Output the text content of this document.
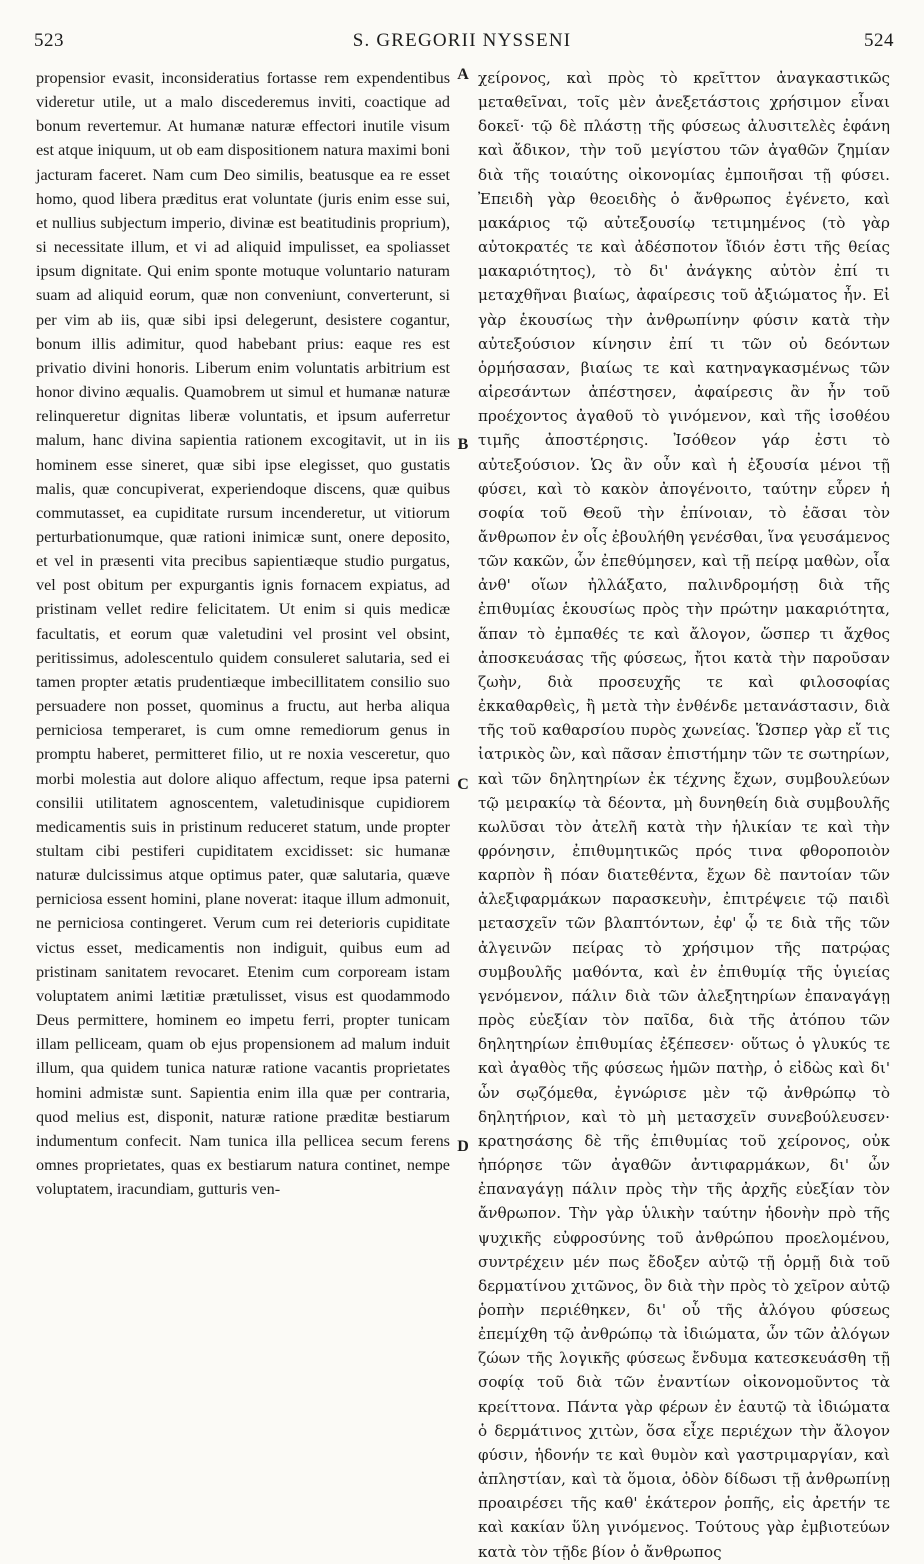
523	S. GREGORII NYSSENI	524

propensior evasit, inconsideratius fortasse rem expendentibus videretur utile, ut a malo discederemus inviti, coactique ad bonum revertemur. At humanæ naturæ effectori inutile visum est atque iniquum, ut ob eam dispositionem natura maximi boni jacturam faceret. Nam cum Deo similis, beatusque ea re esset homo, quod libera præditus erat voluntate (juris enim esse sui, et nullius subjectum imperio, divinæ est beatitudinis proprium), si necessitate illum, et vi ad aliquid impulisset, ea spoliasset ipsum dignitate. Qui enim sponte motuque voluntario naturam suam ad aliquid eorum, quæ non conveniunt, converterunt, si per vim ab iis, quæ sibi ipsi delegerunt, desistere cogantur, bonum illis adimitur, quod habebant prius: eaque res est privatio divini honoris. Liberum enim voluntatis arbitrium est honor divino æqualis. Quamobrem ut simul et humanæ naturæ relinqueretur dignitas liberæ voluntatis, et ipsum auferretur malum, hanc divina sapientia rationem excogitavit, ut in iis hominem esse sineret, quæ sibi ipse elegisset, quo gustatis malis, quæ concupiverat, experiendoque discens, quæ quibus commutasset, ea cupiditate rursum incenderetur, ut vitiorum perturbationumque, quæ rationi inimicæ sunt, onere deposito, et vel in præsenti vita precibus sapientiæque studio purgatus, vel post obitum per expurgantis ignis fornacem expiatus, ad pristinam vellet redire felicitatem. Ut enim si quis medicæ facultatis, et eorum quæ valetudini vel prosint vel obsint, peritissimus, adolescentulo quidem consuleret salutaria, sed ei tamen propter ætatis prudentiæque imbecillitatem consilio suo persuadere non posset, quominus a fructu, aut herba aliqua perniciosa temperaret, is cum omne remediorum genus in promptu haberet, permitteret filio, ut re noxia vesceretur, quo morbi molestia aut dolore aliquo affectum, reque ipsa paterni consilii utilitatem agnoscentem, valetudinisque cupidiorem medicamentis suis in pristinum reduceret statum, unde propter stultam cibi pestiferi cupiditatem excidisset: sic humanæ naturæ dulcissimus atque optimus pater, quæ salutaria, quæve perniciosa essent homini, plane noverat: itaque illum admonuit, ne perniciosa contingeret. Verum cum rei deterioris cupiditate victus esset, medicamentis non indiguit, quibus eum ad pristinam sanitatem revocaret. Etenim cum corpoream istam voluptatem animi lætitiæ prætulisset, visus est quodammodo Deus permittere, hominem eo impetu ferri, propter tunicam illam pelliceam, quam ob ejus propensionem ad malum induit illum, qua quidem tunica naturæ ratione vacantis proprietates homini admistæ sunt. Sapientia enim illa quæ per contraria, quod melius est, disponit, naturæ ratione præditæ bestiarum indumentum confecit. Nam tunica illa pellicea secum ferens omnes proprietates, quas ex bestiarum natura continet, nempe voluptatem, iracundiam, gutturis ven-

A
B
C
D

χείρονος, καὶ πρὸς τὸ κρεῖττον ἀναγκαστικῶς μεταθεῖναι, τοῖς μὲν ἀνεξετάστοις χρήσιμον εἶναι δοκεῖ· τῷ δὲ πλάστῃ τῆς φύσεως ἀλυσιτελὲς ἐφάνη καὶ ἄδικον, τὴν τοῦ μεγίστου τῶν ἀγαθῶν ζημίαν διὰ τῆς τοιαύτης οἰκονομίας ἐμποιῆσαι τῇ φύσει. Ἐπειδὴ γὰρ θεοειδὴς ὁ ἄνθρωπος ἐγένετο, καὶ μακάριος τῷ αὐτεξουσίῳ τετιμημένος (τὸ γὰρ αὐτοκρατές τε καὶ ἀδέσποτον ἴδιόν ἐστι τῆς θείας μακαριότητος), τὸ δι' ἀνάγκης αὐτὸν ἐπί τι μεταχθῆναι βιαίως, ἀφαίρεσις τοῦ ἀξιώματος ἦν. Εἰ γὰρ ἑκουσίως τὴν ἀνθρωπίνην φύσιν κατὰ τὴν αὐτεξούσιον κίνησιν ἐπί τι τῶν οὐ δεόντων ὁρμήσασαν, βιαίως τε καὶ κατηναγκασμένως τῶν αἱρεσάντων ἀπέστησεν, ἀφαίρεσις ἂν ἦν τοῦ προέχοντος ἀγαθοῦ τὸ γινόμενον, καὶ τῆς ἰσοθέου τιμῆς ἀποστέρησις. Ἰσόθεον γάρ ἐστι τὸ αὐτεξούσιον. Ὡς ἂν οὖν καὶ ἡ ἐξουσία μένοι τῇ φύσει, καὶ τὸ κακὸν ἀπογένοιτο, ταύτην εὗρεν ἡ σοφία τοῦ Θεοῦ τὴν ἐπίνοιαν, τὸ ἐᾶσαι τὸν ἄνθρωπον ἐν οἷς ἐβουλήθη γενέσθαι, ἵνα γευσάμενος τῶν κακῶν, ὧν ἐπεθύμησεν, καὶ τῇ πείρᾳ μαθὼν, οἷα ἀνθ' οἵων ἠλλάξατο, παλινδρομήσῃ διὰ τῆς ἐπιθυμίας ἑκουσίως πρὸς τὴν πρώτην μακαριότητα, ἅπαν τὸ ἐμπαθές τε καὶ ἄλογον, ὥσπερ τι ἄχθος ἀποσκευάσας τῆς φύσεως, ἤτοι κατὰ τὴν παροῦσαν ζωὴν, διὰ προσευχῆς τε καὶ φιλοσοφίας ἐκκαθαρθεὶς, ἢ μετὰ τὴν ἐνθένδε μετανάστασιν, διὰ τῆς τοῦ καθαρσίου πυρὸς χωνείας. Ὥσπερ γὰρ εἴ τις ἰατρικὸς ὢν, καὶ πᾶσαν ἐπιστήμην τῶν τε σωτηρίων, καὶ τῶν δηλητηρίων ἐκ τέχνης ἔχων, συμβουλεύων τῷ μειρακίῳ τὰ δέοντα, μὴ δυνηθείη διὰ συμβουλῆς κωλῦσαι τὸν ἀτελῆ κατὰ τὴν ἡλικίαν τε καὶ τὴν φρόνησιν, ἐπιθυμητικῶς πρός τινα φθοροποιὸν καρπὸν ἢ πόαν διατεθέντα, ἔχων δὲ παντοίαν τῶν ἀλεξιφαρμάκων παρασκευὴν, ἐπιτρέψειε τῷ παιδὶ μετασχεῖν τῶν βλαπτόντων, ἐφ' ᾧ τε διὰ τῆς τῶν ἀλγεινῶν πείρας τὸ χρήσιμον τῆς πατρῴας συμβουλῆς μαθόντα, καὶ ἐν ἐπιθυμίᾳ τῆς ὑγιείας γενόμενον, πάλιν διὰ τῶν ἀλεξητηρίων ἐπαναγάγῃ πρὸς εὐεξίαν τὸν παῖδα, διὰ τῆς ἀτόπου τῶν δηλητηρίων ἐπιθυμίας ἐξέπεσεν· οὕτως ὁ γλυκύς τε καὶ ἀγαθὸς τῆς φύσεως ἡμῶν πατὴρ, ὁ εἰδὼς καὶ δι' ὧν σῳζόμεθα, ἐγνώρισε μὲν τῷ ἀνθρώπῳ τὸ δηλητήριον, καὶ τὸ μὴ μετασχεῖν συνεβούλευσεν· κρατησάσης δὲ τῆς ἐπιθυμίας τοῦ χείρονος, οὐκ ἠπόρησε τῶν ἀγαθῶν ἀντιφαρμάκων, δι' ὧν ἐπαναγάγῃ πάλιν πρὸς τὴν τῆς ἀρχῆς εὐεξίαν τὸν ἄνθρωπον. Τὴν γὰρ ὑλικὴν ταύτην ἡδονὴν πρὸ τῆς ψυχικῆς εὐφροσύνης τοῦ ἀνθρώπου προελομένου, συντρέχειν μέν πως ἔδοξεν αὐτῷ τῇ ὁρμῇ διὰ τοῦ δερματίνου χιτῶνος, ὃν διὰ τὴν πρὸς τὸ χεῖρον αὐτῷ ῥοπὴν περιέθηκεν, δι' οὗ τῆς ἀλόγου φύσεως ἐπεμίχθη τῷ ἀνθρώπῳ τὰ ἰδιώματα, ὧν τῶν ἀλόγων ζώων τῆς λογικῆς φύσεως ἔνδυμα κατεσκευάσθη τῇ σοφίᾳ τοῦ διὰ τῶν ἐναντίων οἰκονομοῦντος τὰ κρείττονα. Πάντα γὰρ φέρων ἐν ἑαυτῷ τὰ ἰδιώματα ὁ δερμάτινος χιτὼν, ὅσα εἶχε περιέχων τὴν ἄλογον φύσιν, ἡδονήν τε καὶ θυμὸν καὶ γαστριμαργίαν, καὶ ἀπληστίαν, καὶ τὰ ὅμοια, ὁδὸν δίδωσι τῇ ἀνθρωπίνῃ προαιρέσει τῆς καθ' ἑκάτερον ῥοπῆς, εἰς ἀρετήν τε καὶ κακίαν ὕλη γινόμενος. Τούτους γὰρ ἐμβιοτεύων κατὰ τὸν τῇδε βίον ὁ ἄνθρωπος
